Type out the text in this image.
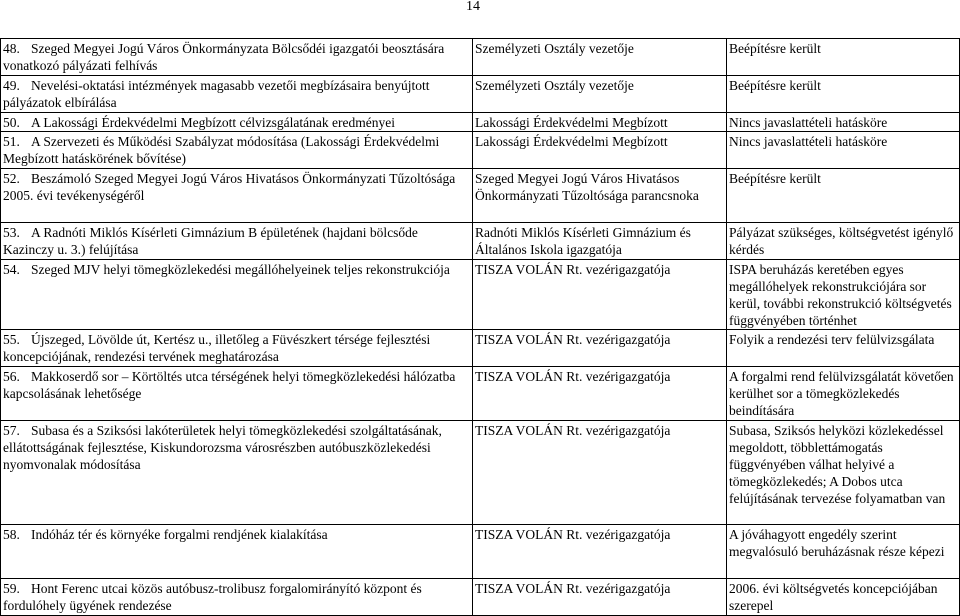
14
48. Szeged Megyei Jogú Város Önkormányzata Bölcsődéi igazgatói beosztására vonatkozó pályázati felhívás	Személyzeti Osztály vezetője	Beépítésre került
49. Nevelési-oktatási intézmények magasabb vezetői megbízásaira benyújtott pályázatok elbírálása	Személyzeti Osztály vezetője	Beépítésre került
50. A Lakossági Érdekvédelmi Megbízott célvizsgálatának eredményei	Lakossági Érdekvédelmi Megbízott	Nincs javaslattételi hatásköre
51. A Szervezeti és Működési Szabályzat módosítása (Lakossági Érdekvédelmi Megbízott hatáskörének bővítése)	Lakossági Érdekvédelmi Megbízott	Nincs javaslattételi hatásköre
52. Beszámoló Szeged Megyei Jogú Város Hivatásos Önkormányzati Tűzoltósága 2005. évi tevékenységéről	Szeged Megyei Jogú Város Hivatásos Önkormányzati Tűzoltósága parancsnoka	Beépítésre került
53. A Radnóti Miklós Kísérleti Gimnázium B épületének (hajdani bölcsőde Kazinczy u. 3.) felújítása	Radnóti Miklós Kísérleti Gimnázium és Általános Iskola igazgatója	Pályázat szükséges, költségvetést igénylő kérdés
54. Szeged MJV helyi tömegközlekedési megállóhelyeinek teljes rekonstrukciója	TISZA VOLÁN Rt. vezérigazgatója	ISPA beruházás keretében egyes megállóhelyek rekonstrukciójára sor kerül, további rekonstrukció költségvetés függvényében történhet
55. Újszeged, Lövölde út, Kertész u., illetőleg a Füvészkert térsége fejlesztési koncepciójának, rendezési tervének meghatározása	TISZA VOLÁN Rt. vezérigazgatója	Folyik a rendezési terv felülvizsgálata
56. Makkoserdő sor – Körtöltés utca térségének helyi tömegközlekedési hálózatba kapcsolásának lehetősége	TISZA VOLÁN Rt. vezérigazgatója	A forgalmi rend felülvizsgálatát követően kerülhet sor a tömegközlekedés beindítására
57. Subasa és a Sziksósi lakóterületek helyi tömegközlekedési szolgáltatásának, ellátottságának fejlesztése, Kiskundorozsma városrészben autóbuszközlekedési nyomvonalak módosítása	TISZA VOLÁN Rt. vezérigazgatója	Subasa, Sziksós helyközi közlekedéssel megoldott, többlettámogatás függvényében válhat helyivé a tömegközlekedés; A Dobos utca felújításának tervezése folyamatban van
58. Indóház tér és környéke forgalmi rendjének kialakítása	TISZA VOLÁN Rt. vezérigazgatója	A jóváhagyott engedély szerint megvalósuló beruházásnak része képezi
59. Hont Ferenc utcai közös autóbusz-trolibusz forgalomirányító központ és fordulóhely ügyének rendezése	TISZA VOLÁN Rt. vezérigazgatója	2006. évi költségvetés koncepciójában szerepel
